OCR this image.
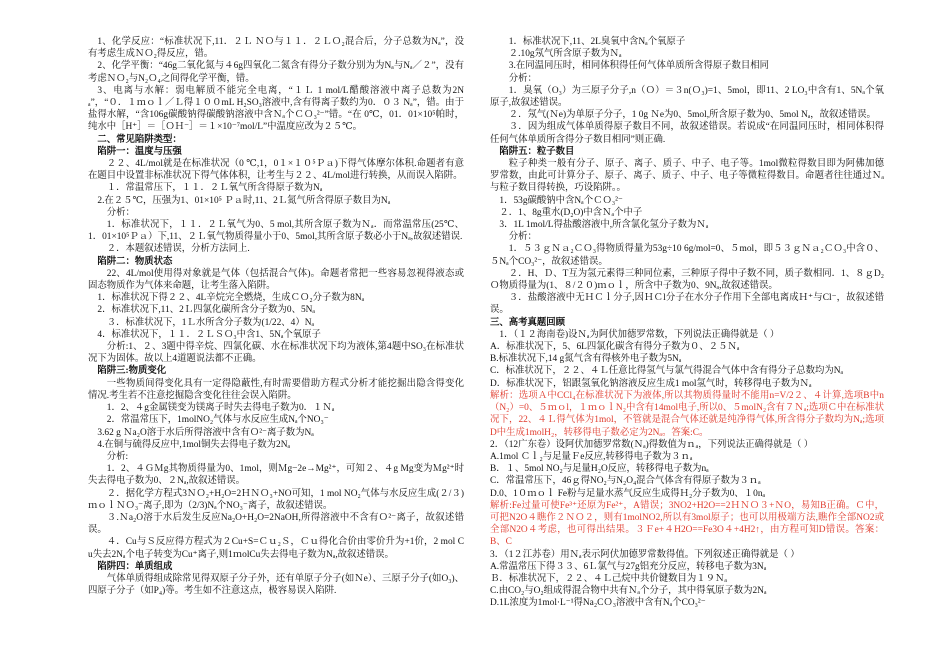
1、化学反应：“标准状况下,11．２Ｌ ＮＯ与１１．２ＬＯ₂混合后，分子总数为Nₐ”，没有考虑生成ＮＯ₂得反应，错。

2、化学平衡：“46g二氧化氮与４6g四氧化二氮含有得分子数分别为为Nₐ与Nₐ／２”，没有考虑ＮＯ₂与N₂Ｏ₄之间得化学平衡，错。

3、电离与水解：弱电解质不能完全电离，“１Ｌ 1 mol/L醋酸溶液中离子总数为2Nₐ”，“０．１ｍｏｌ／Ｌ得１００mL H₂SO₃溶液中,含有得离子数约为0．０３ Nₐ”，错。由于盐得水解，“含106g碳酸钠得碳酸钠溶液中含Ｎₐ个ＣＯ₃²⁻”错。“在 0℃，01．01×10⁵帕时，纯水中［H⁺］＝［ＯＨ⁻］＝１×10⁻⁷mol/L”中温度应改为２５℃。

二、常见陷阱类型：

陷阱一：温度与压强

２２、4L/mol就是在标准状况（0 ℃,1，0１×１０⁵Ｐａ)下得气体摩尔体积.命题者有意在题目中设置非标准状况下得气体体积，让考生与２２、4L/mol进行转换，从而误入陷阱。

１．常温常压下，１１．２Ｌ氧气所含得原子数为Nₐ

2.在２５℃，压强为1、01×10⁵ Ｐａ时,11、2Ｌ氮气所含得原子数目为Nₐ

分析：

1．标准状况下，１１．２Ｌ氧气为0、5 mol,其所含原子数为Ｎₐ．而常温常压(25℃、1．01×10⁵Ｐａ）下,11、２Ｌ氧气物质得量小于0、5mol,其所含原子数必小于Nₐ,故叙述错误.

２．本题叙述错误，分析方法同上.

陷阱二：物质状态

22、4L/mol使用得对象就是气体（包括混合气体)。命题者常把一些容易忽视得液态或固态物质作为气体来命题，让考生落入陷阱。

1．标准状况下得２２、4L辛烷完全燃烧，生成ＣＯ₂分子数为8Nₐ

2．标准状况下,11、2Ｌ四氯化碳所含分子数为0、5Nₐ

３．标准状况下，1Ｌ水所含分子数为(1/22、4）Nₐ

4．标准状况下，１１．２ＬＳＯ₃中含1、5Nₐ个氧原子

分析:1、２、3题中得辛烷、四氯化碳、水在标准状况下均为液体,第4题中SO₃在标准状况下为固体。故以上4道题说法都不正确。

陷阱三:物质变化

一些物质间得变化具有一定得隐蔽性,有时需要借助方程式分析才能挖掘出隐含得变化情况.考生若不注意挖掘隐含变化往往会误入陷阱。

1．2、４g金属镁变为镁离子时失去得电子数为0．１Ｎₐ

2．常温常压下，1molNO₂气体与水反应生成Nₐ个NO₃⁻

3.62 g Ｎa₂O溶于水后所得溶液中含有Ｏ²⁻离子数为Nₐ

4.在铜与硫得反应中,1mol铜失去得电子数为2Nₐ

分析:

1．2、４ＧＭg其物质得量为0、1mol，则Ｍg−2e→Mg²⁺，可知２、４g Mg变为Ｍg²⁺时失去得电子数为0、２Nₐ,故叙述错误。

２．据化学方程式3ＮＯ₂+H₂O=2ＨＮＯ₃+NO可知，1 mol NO₂气体与水反应生成(２/３)ｍｏｌＮＯ₃⁻离子,即为（2/3)Nₐ个NO₃⁻离子，故叙述错误。

３.Ｎa₂O溶于水后发生反应Na₂O+H₂O=2NaOH,所得溶液中不含有Ｏ²⁻离子，故叙述错误。

４．Cu与Ｓ反应得方程式为２Cu+S=Ｃｕ₂Ｓ，Ｃｕ得化合价由零价升为+1价，2 mol Cu失去2Nₐ个电子转变为Cu⁺离子,则1ｍolCu失去得电子数为Nₐ,故叙述错误。

陷阱四：单质组成

气体单质得组成除常见得双原子分子外，还有单原子分子(如Ｎe）、三原子分子(如O₃)、四原子分子（如P₄)等。考生如不注意这点，极容易误入陷阱.

1．标准状况下,11、2L臭氧中含Nₐ个氧原子

２.10g氖气所含原子数为Ｎₐ

3.在同温同压时，相同体积得任何气体单质所含得原子数目相同

分析：

1．臭氧（O₃）为三原子分子,n（Ｏ）＝３n(Ｏ₃)=1、5mol，即11、2 LO₃中含有1、5Nₐ个氧原子,故叙述错误。

２．氖气(Ｎe)为单原子分子，1 0g Ｎe为0、5mol,所含原子数为0、5mol Nₐ，故叙述错误。

３．因为组成气体单质得原子数目不同，故叙述错误。若说成“在同温同压时，相同体积得任何气体单质所含得分子数目相同”则正确.

陷阱五：粒子数目

粒子种类一般有分子、原子、离子、质子、中子、电子等。1mol微粒得数目即为阿佛加德罗常数，由此可计算分子、原子、离子、质子、中子、电子等微粒得数目。命题者往往通过Ｎₐ与粒子数目得转换，巧设陷阱。。

1．53g碳酸钠中含Nₐ个ＣＯ₃²⁻

２．1、8g重水(D₂O)中含Ｎₐ个中子

3．1L 1mol/L得盐酸溶液中,所含氯化氢分子数为Ｎₐ

分析：

1．５３ｇＮａ₂ＣＯ₃得物质得量为53g÷10 6g/mol=0、５mol，即５３ｇＮａ₂ＣＯ₃中含０、５Nₐ个CO₃²⁻，故叙述错误。

２．H、Ｄ、T互为氢元素得三种同位素，三种原子得中子数不同，质子数相同．1、８ｇD₂Ｏ物质得量为(1、８/２０)ｍｏｌ，所含中子数为0、9Nₐ,故叙述错误。

３．盐酸溶液中无ＨＣｌ分子,因ＨＣl分子在水分子作用下全部电离成Ｈ⁺与Cl⁻，故叙述错误。

三、高考真题回顾

1．（１２海南卷)设Ｎₐ为阿伏加德罗常数，下列说法正确得就是（ ）

A．标准状况下，5、6L四氯化碳含有得分子数为０、２５Ｎₐ

B.标准状况下,14 g氮气含有得核外电子数为5Nₐ

C．标准状况下，２２、４Ｌ任意比得氢气与氯气得混合气体中含有得分子总数均为Nₐ

D．标准状况下，铝跟氢氧化钠溶液反应生成1 mol氢气时，转移得电子数为Ｎₐ

解析：选项Ａ中CCl₄在标准状况下为液体,所以其物质得量时不能用n=V/2２、４计算,选项B中n（N₂）=0、５ｍｏl，１ｍｏｌN₂中含有14mol电子,所以0、５molN₂含有７Ｎₐ;选项Ｃ中在标准状况下，22、４Ｌ得气体为1mol，不管就是混合气体还就是纯净得气体,所含得分子数均为Nₐ;选项D中生成1molH₂，转移得电子数必定为2Nₐ。答案:C。

2．（12广东卷）设阿伏加德罗常数(Ｎₐ)得数值为ｎₐ，下列说法正确得就是（ ）

A.1mol Ｃｌ₂与足量Ｆe反应,转移得电子数为３ｎₐ

B．１、5mol NO₂与足量H₂O反应，转移得电子数为nₐ

C．常温常压下，46ｇ得NO₂与N₂O₄混合气体含有得原子数为３ｎₐ

D.0、1０ｍｏｌ Fe粉与足量水蒸气反应生成得Ｈ₂分子数为0、１0nₐ

解析:Fe过量可使Fe³⁺还原为Fe²⁺，A错误；3NO2+H2O==2ＨＮＯ３+ＮO，易知B正确。Ｃ中，可把N2O４瞧作２ＮＯ２，则有1molNO2,所以有3mol原子；也可以用极端方法,瞧作全部NO2或全部N2O４考虑，也可得出结果。３Ｆe+４H2O==Fe3O４+4H2↑，由方程可知D错误。答案：B、C

3．（1２江苏卷）用Ｎₐ表示阿伏加德罗常数得值。下列叙述正确得就是（ ）

A.常温常压下得３３、6Ｌ氯气与27g铝充分反应，转移电子数为3Nₐ

Ｂ．标准状况下，２２、４Ｌ己烷中共价键数目为１９Ｎₐ

C.由CO₂与O₂组成得混合物中共有Ｎₐ个分子，其中得氧原子数为2Nₐ

D.1L浓度为1mol·L⁻¹得Na₂CＯ₃溶液中含有Nₐ个CO₃²⁻
